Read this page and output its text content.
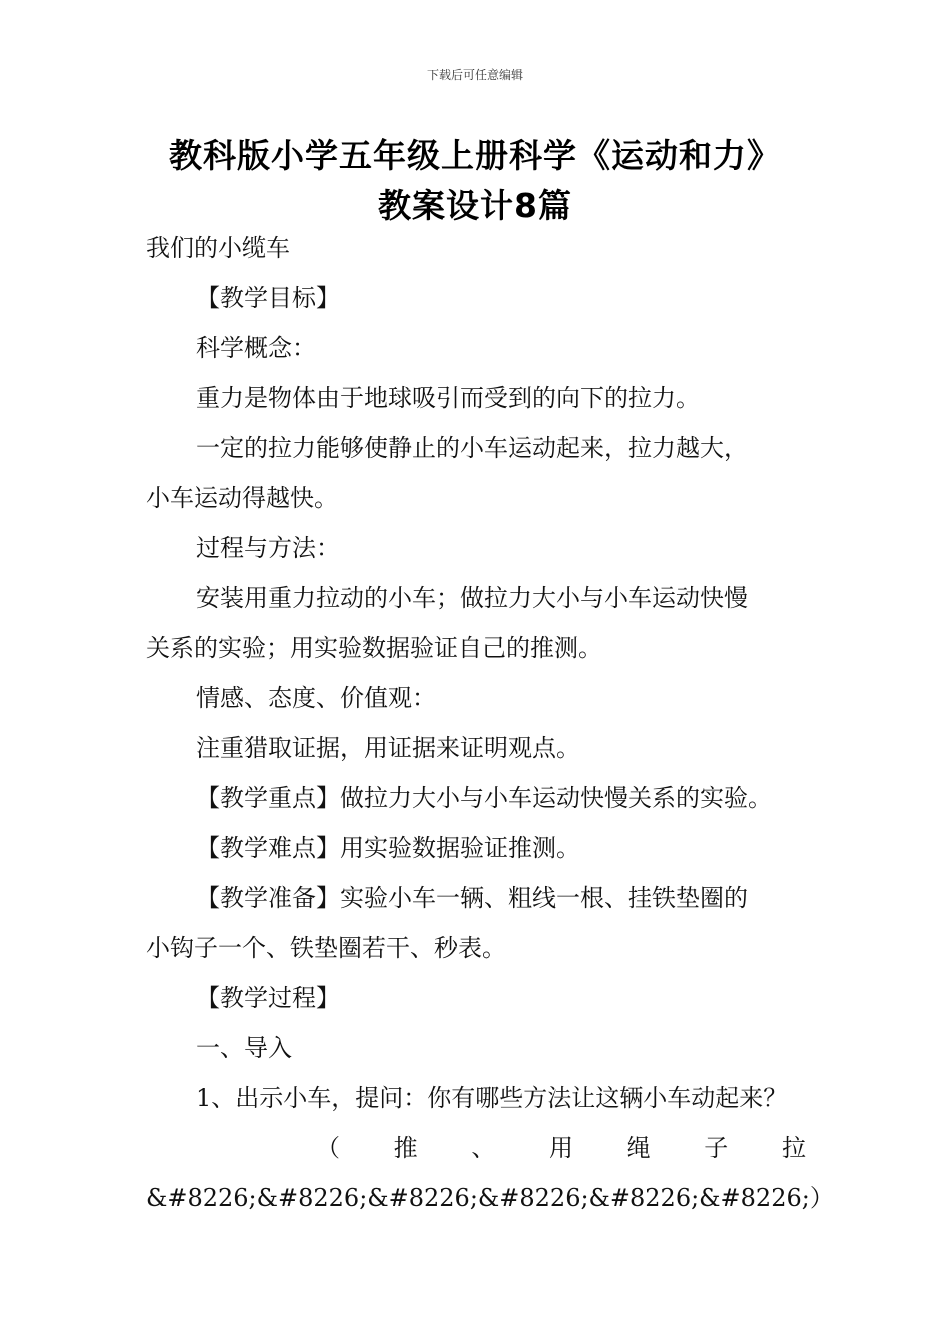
下载后可任意编辑
教科版小学五年级上册科学《运动和力》
教案设计8篇
我们的小缆车
【教学目标】
科学概念：
重力是物体由于地球吸引而受到的向下的拉力。
一定的拉力能够使静止的小车运动起来，拉力越大，
小车运动得越快。
过程与方法：
安装用重力拉动的小车；做拉力大小与小车运动快慢
关系的实验；用实验数据验证自己的推测。
情感、态度、价值观：
注重猎取证据，用证据来证明观点。
【教学重点】做拉力大小与小车运动快慢关系的实验。
【教学难点】用实验数据验证推测。
【教学准备】实验小车一辆、粗线一根、挂铁垫圈的
小钩子一个、铁垫圈若干、秒表。
【教学过程】
一、导入
1、出示小车，提问：你有哪些方法让这辆小车动起来？
（ 推 、 用 绳 子 拉
&#8226;&#8226;&#8226;&#8226;&#8226;&#8226;）
